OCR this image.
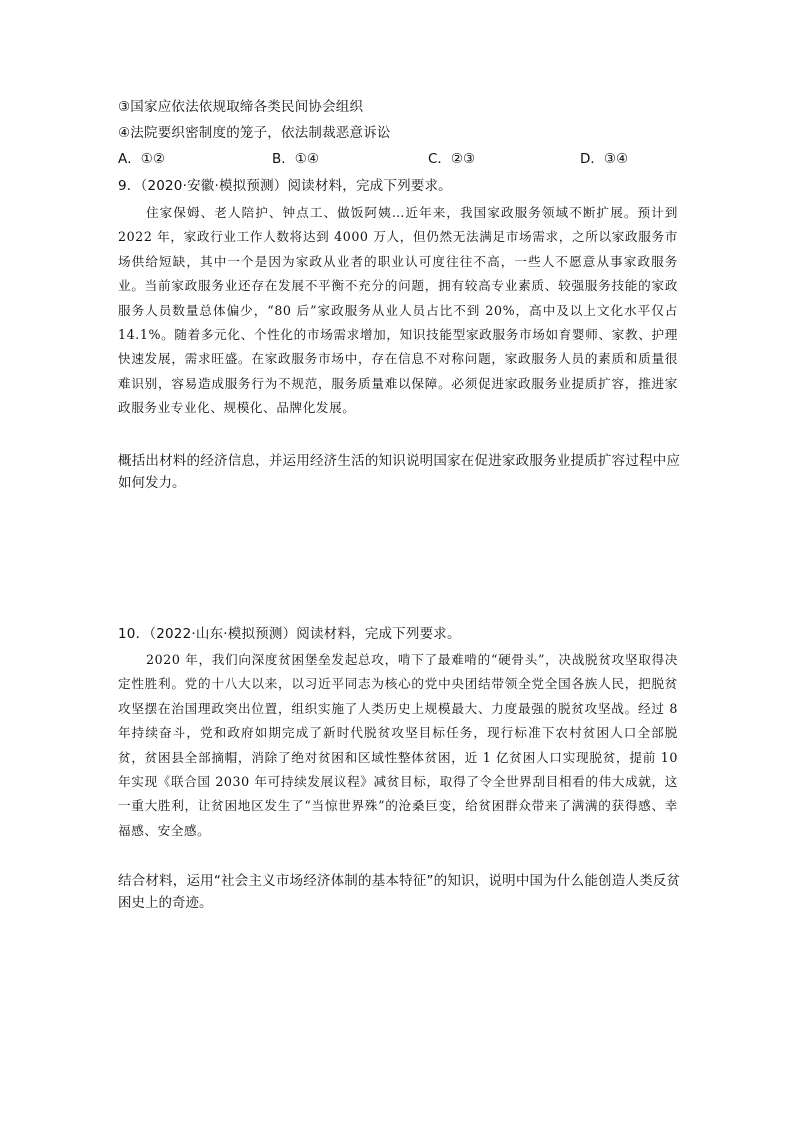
③国家应依法依规取缔各类民间协会组织
④法院要织密制度的笼子，依法制裁恶意诉讼
A．①②	B．①④	C．②③	D．③④
9．（2020·安徽·模拟预测）阅读材料，完成下列要求。
住家保姆、老人陪护、钟点工、做饭阿姨…近年来，我国家政服务领域不断扩展。预计到 2022 年，家政行业工作人数将达到 4000 万人，但仍然无法满足市场需求，之所以家政服务市场供给短缺，其中一个是因为家政从业者的职业认可度往往不高，一些人不愿意从事家政服务业。当前家政服务业还存在发展不平衡不充分的问题，拥有较高专业素质、较强服务技能的家政服务人员数量总体偏少，“80 后”家政服务从业人员占比不到 20%，高中及以上文化水平仅占 14.1%。随着多元化、个性化的市场需求增加，知识技能型家政服务市场如育婴师、家教、护理快速发展，需求旺盛。在家政服务市场中，存在信息不对称问题，家政服务人员的素质和质量很难识别，容易造成服务行为不规范，服务质量难以保障。必须促进家政服务业提质扩容，推进家政服务业专业化、规模化、品牌化发展。
概括出材料的经济信息，并运用经济生活的知识说明国家在促进家政服务业提质扩容过程中应如何发力。
10．（2022·山东·模拟预测）阅读材料，完成下列要求。
2020 年，我们向深度贫困堡垒发起总攻，啃下了最难啃的“硬骨头”，决战脱贫攻坚取得决定性胜利。党的十八大以来，以习近平同志为核心的党中央团结带领全党全国各族人民，把脱贫攻坚摆在治国理政突出位置，组织实施了人类历史上规模最大、力度最强的脱贫攻坚战。经过 8 年持续奋斗，党和政府如期完成了新时代脱贫攻坚目标任务，现行标准下农村贫困人口全部脱贫，贫困县全部摘帽，消除了绝对贫困和区域性整体贫困，近 1 亿贫困人口实现脱贫，提前 10 年实现《联合国 2030 年可持续发展议程》减贫目标，取得了令全世界刮目相看的伟大成就，这一重大胜利，让贫困地区发生了“当惊世界殊”的沧桑巨变，给贫困群众带来了满满的获得感、幸福感、安全感。
结合材料，运用“社会主义市场经济体制的基本特征”的知识，说明中国为什么能创造人类反贫困史上的奇迹。
